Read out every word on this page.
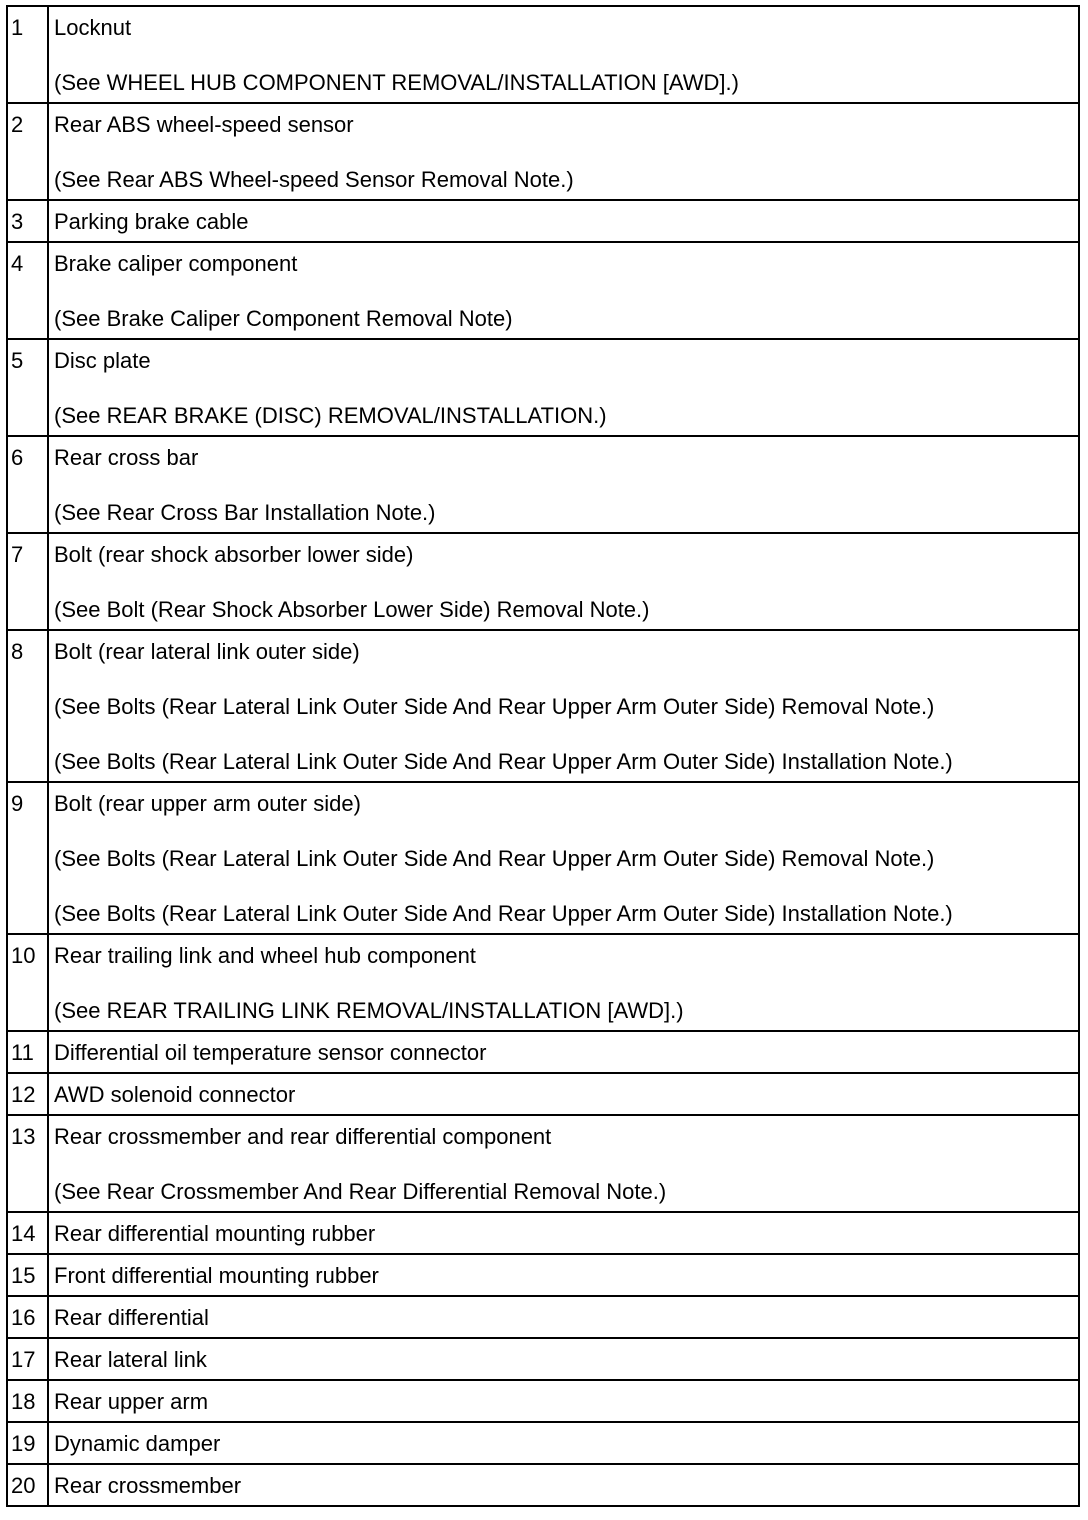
1	Locknut
(See WHEEL HUB COMPONENT REMOVAL/INSTALLATION [AWD].)

2	Rear ABS wheel-speed sensor
(See Rear ABS Wheel-speed Sensor Removal Note.)

3	Parking brake cable

4	Brake caliper component
(See Brake Caliper Component Removal Note)

5	Disc plate
(See REAR BRAKE (DISC) REMOVAL/INSTALLATION.)

6	Rear cross bar
(See Rear Cross Bar Installation Note.)

7	Bolt (rear shock absorber lower side)
(See Bolt (Rear Shock Absorber Lower Side) Removal Note.)

8	Bolt (rear lateral link outer side)
(See Bolts (Rear Lateral Link Outer Side And Rear Upper Arm Outer Side) Removal Note.)
(See Bolts (Rear Lateral Link Outer Side And Rear Upper Arm Outer Side) Installation Note.)

9	Bolt (rear upper arm outer side)
(See Bolts (Rear Lateral Link Outer Side And Rear Upper Arm Outer Side) Removal Note.)
(See Bolts (Rear Lateral Link Outer Side And Rear Upper Arm Outer Side) Installation Note.)

10	Rear trailing link and wheel hub component
(See REAR TRAILING LINK REMOVAL/INSTALLATION [AWD].)

11	Differential oil temperature sensor connector

12	AWD solenoid connector

13	Rear crossmember and rear differential component
(See Rear Crossmember And Rear Differential Removal Note.)

14	Rear differential mounting rubber

15	Front differential mounting rubber

16	Rear differential

17	Rear lateral link

18	Rear upper arm

19	Dynamic damper

20	Rear crossmember
